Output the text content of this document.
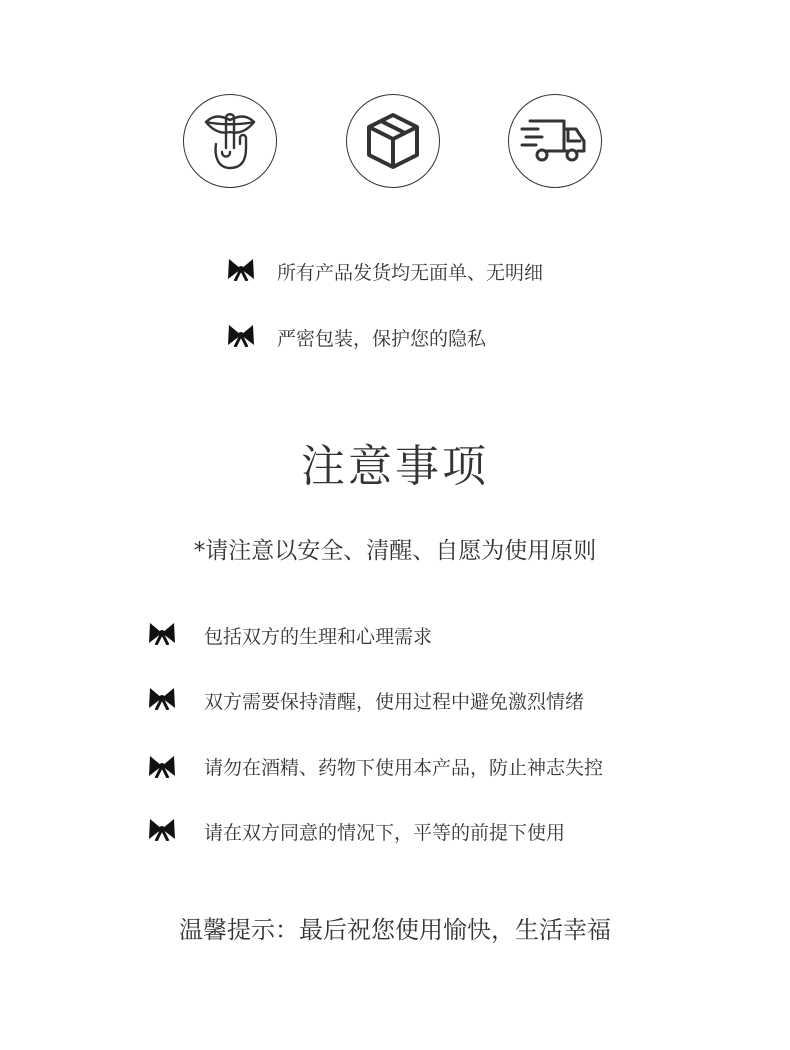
所有产品发货均无面单、无明细
严密包装，保护您的隐私
注意事项
*请注意以安全、清醒、自愿为使用原则
包括双方的生理和心理需求
双方需要保持清醒，使用过程中避免激烈情绪
请勿在酒精、药物下使用本产品，防止神志失控
请在双方同意的情况下，平等的前提下使用
温馨提示：最后祝您使用愉快，生活幸福
